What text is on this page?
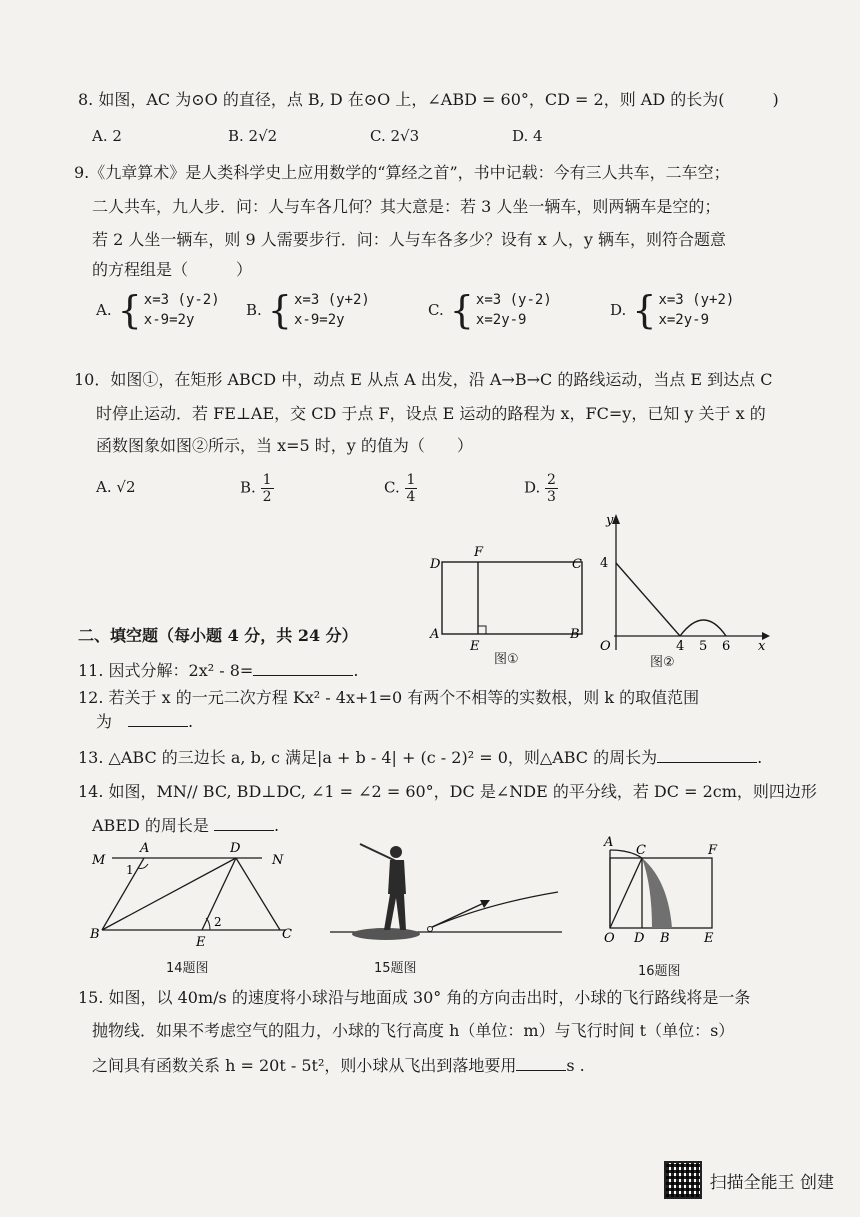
8. 如图，AC 为⊙O 的直径，点 B, D 在⊙O 上，∠ABD = 60°，CD = 2，则 AD 的长为(　　　)
A. 2	B. 2√2	C. 2√3	D. 4
9.《九章算术》是人类科学史上应用数学的“算经之首”，书中记载：今有三人共车，二车空；
二人共车，九人步．问：人与车各几何？其大意是：若 3 人坐一辆车，则两辆车是空的；
若 2 人坐一辆车，则 9 人需要步行．问：人与车各多少？设有 x 人，y 辆车，则符合题意
的方程组是（　　　）
A. { x=3 (y-2)
x-9=2y
B. { x=3 (y+2)
x-9=2y
C. { x=3 (y-2)
x=2y-9
D. { x=3 (y+2)
x=2y-9
10．如图①，在矩形 ABCD 中，动点 E 从点 A 出发，沿 A→B→C 的路线运动，当点 E 到达点 C
时停止运动．若 FE⊥AE，交 CD 于点 F，设点 E 运动的路程为 x，FC=y，已知 y 关于 x 的
函数图象如图②所示，当 x=5 时，y 的值为（　　）
A. √2	B. $\frac{1}{2}$	C. $\frac{1}{4}$	D. $\frac{2}{3}$
D	C
F
A	B
E
图①
y
4
O	4 5 6 x
图②
二、填空题（每小题 4 分，共 24 分）
11. 因式分解：2x² - 8=	.
12. 若关于 x 的一元二次方程 Kx² - 4x+1=0 有两个不相等的实数根，则 k 的取值范围
为　	.
13. △ABC 的三边长 a, b, c 满足|a + b - 4| + (c - 2)² = 0，则△ABC 的周长为	.
14. 如图，MN// BC, BD⊥DC, ∠1 = ∠2 = 60°，DC 是∠NDE 的平分线，若 DC = 2cm，则四边形
ABED 的周长是	.
M
A	D
N
1
2
B
E
C
14题图	15题图
A
C	F
O D B	E
16题图
15. 如图，以 40m/s 的速度将小球沿与地面成 30° 角的方向击出时，小球的飞行路线将是一条
抛物线．如果不考虑空气的阻力，小球的飞行高度 h（单位：m）与飞行时间 t（单位：s）
之间具有函数关系 h = 20t - 5t²，则小球从飞出到落地要用	s .
扫描全能王 创建
